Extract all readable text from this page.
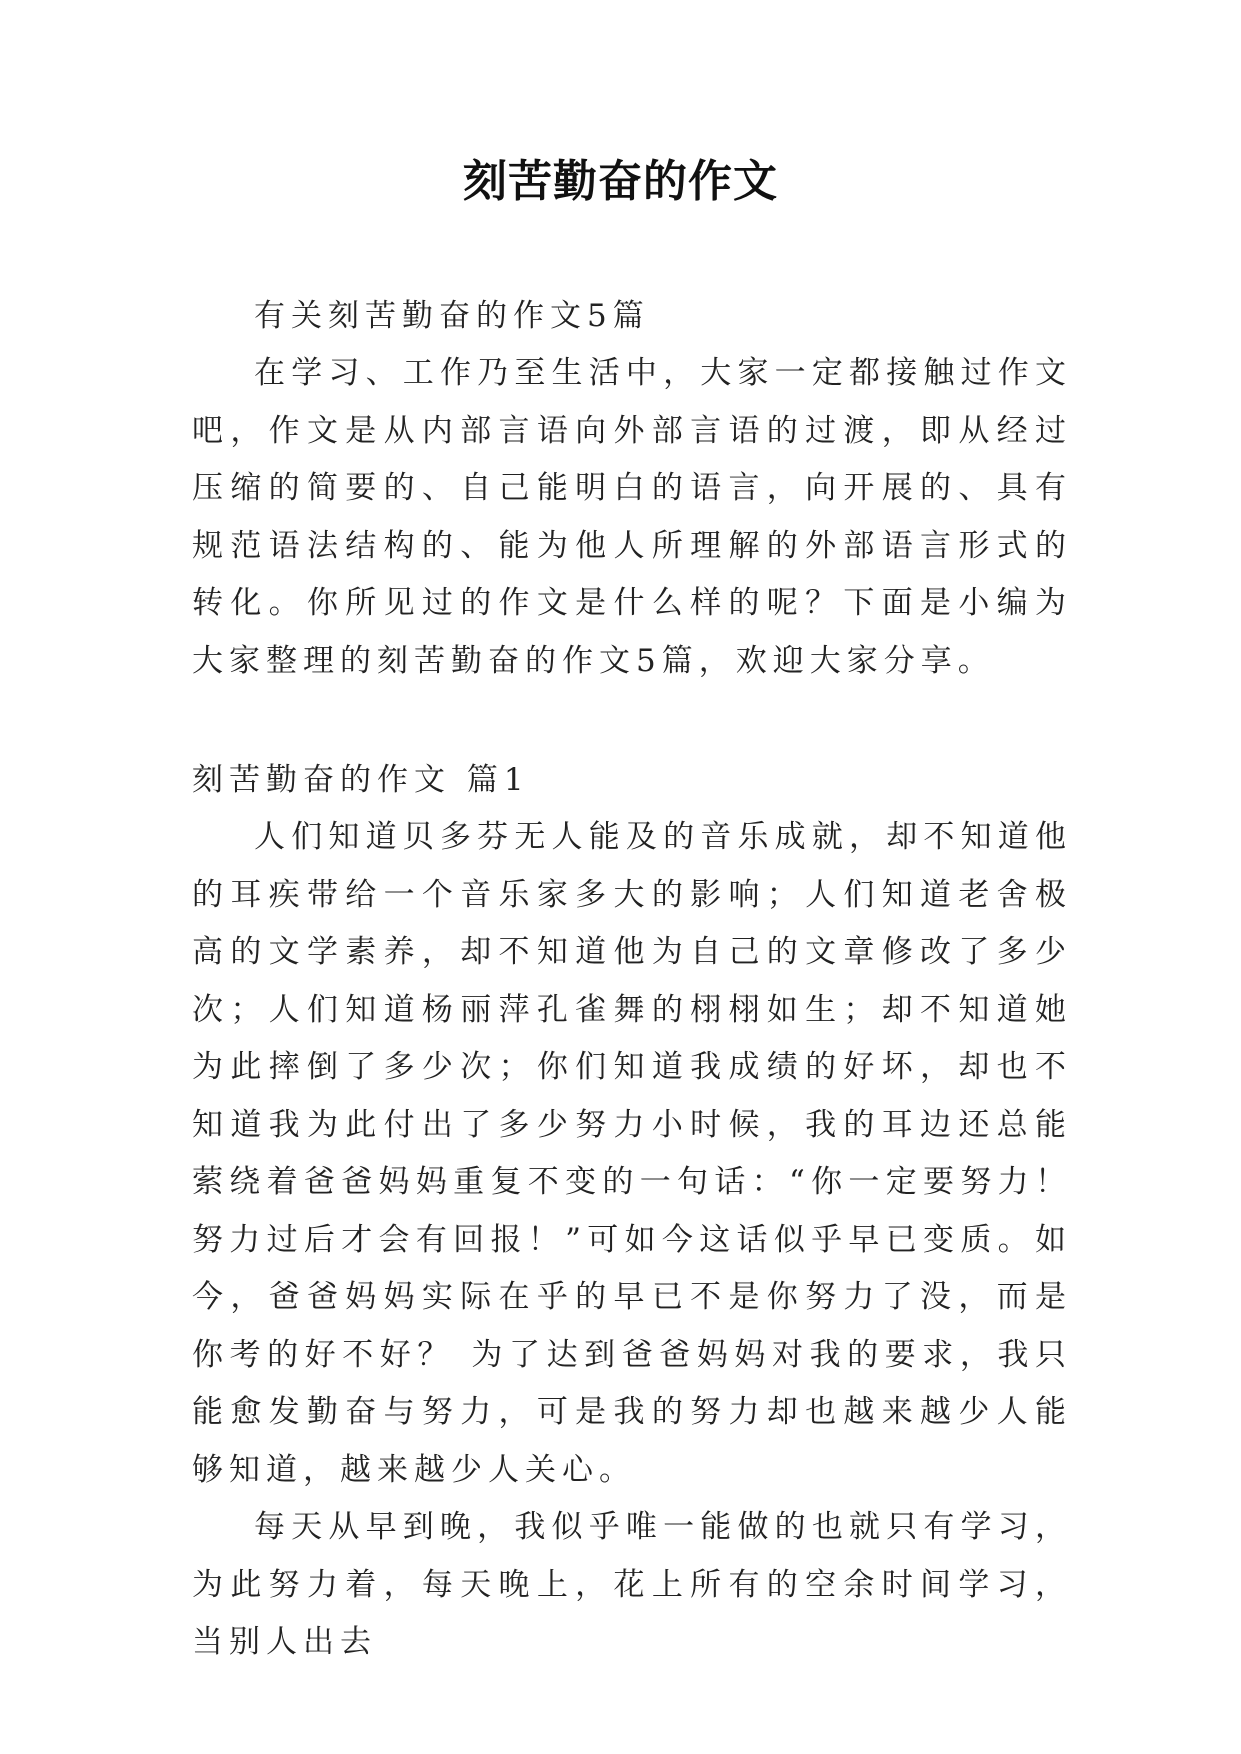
刻苦勤奋的作文
有关刻苦勤奋的作文5篇

在学习、工作乃至生活中，大家一定都接触过作文吧，作文是从内部言语向外部言语的过渡，即从经过压缩的简要的、自己能明白的语言，向开展的、具有规范语法结构的、能为他人所理解的外部语言形式的转化。你所见过的作文是什么样的呢？下面是小编为大家整理的刻苦勤奋的作文5篇，欢迎大家分享。

刻苦勤奋的作文 篇1

人们知道贝多芬无人能及的音乐成就，却不知道他的耳疾带给一个音乐家多大的影响；人们知道老舍极高的文学素养，却不知道他为自己的文章修改了多少次；人们知道杨丽萍孔雀舞的栩栩如生；却不知道她为此摔倒了多少次；你们知道我成绩的好坏，却也不知道我为此付出了多少努力小时候，我的耳边还总能萦绕着爸爸妈妈重复不变的一句话：“你一定要努力！努力过后才会有回报！”可如今这话似乎早已变质。如今，爸爸妈妈实际在乎的早已不是你努力了没，而是你考的好不好？ 为了达到爸爸妈妈对我的要求，我只能愈发勤奋与努力，可是我的努力却也越来越少人能够知道，越来越少人关心。

每天从早到晚，我似乎唯一能做的也就只有学习，为此努力着，每天晚上，花上所有的空余时间学习，当别人出去
